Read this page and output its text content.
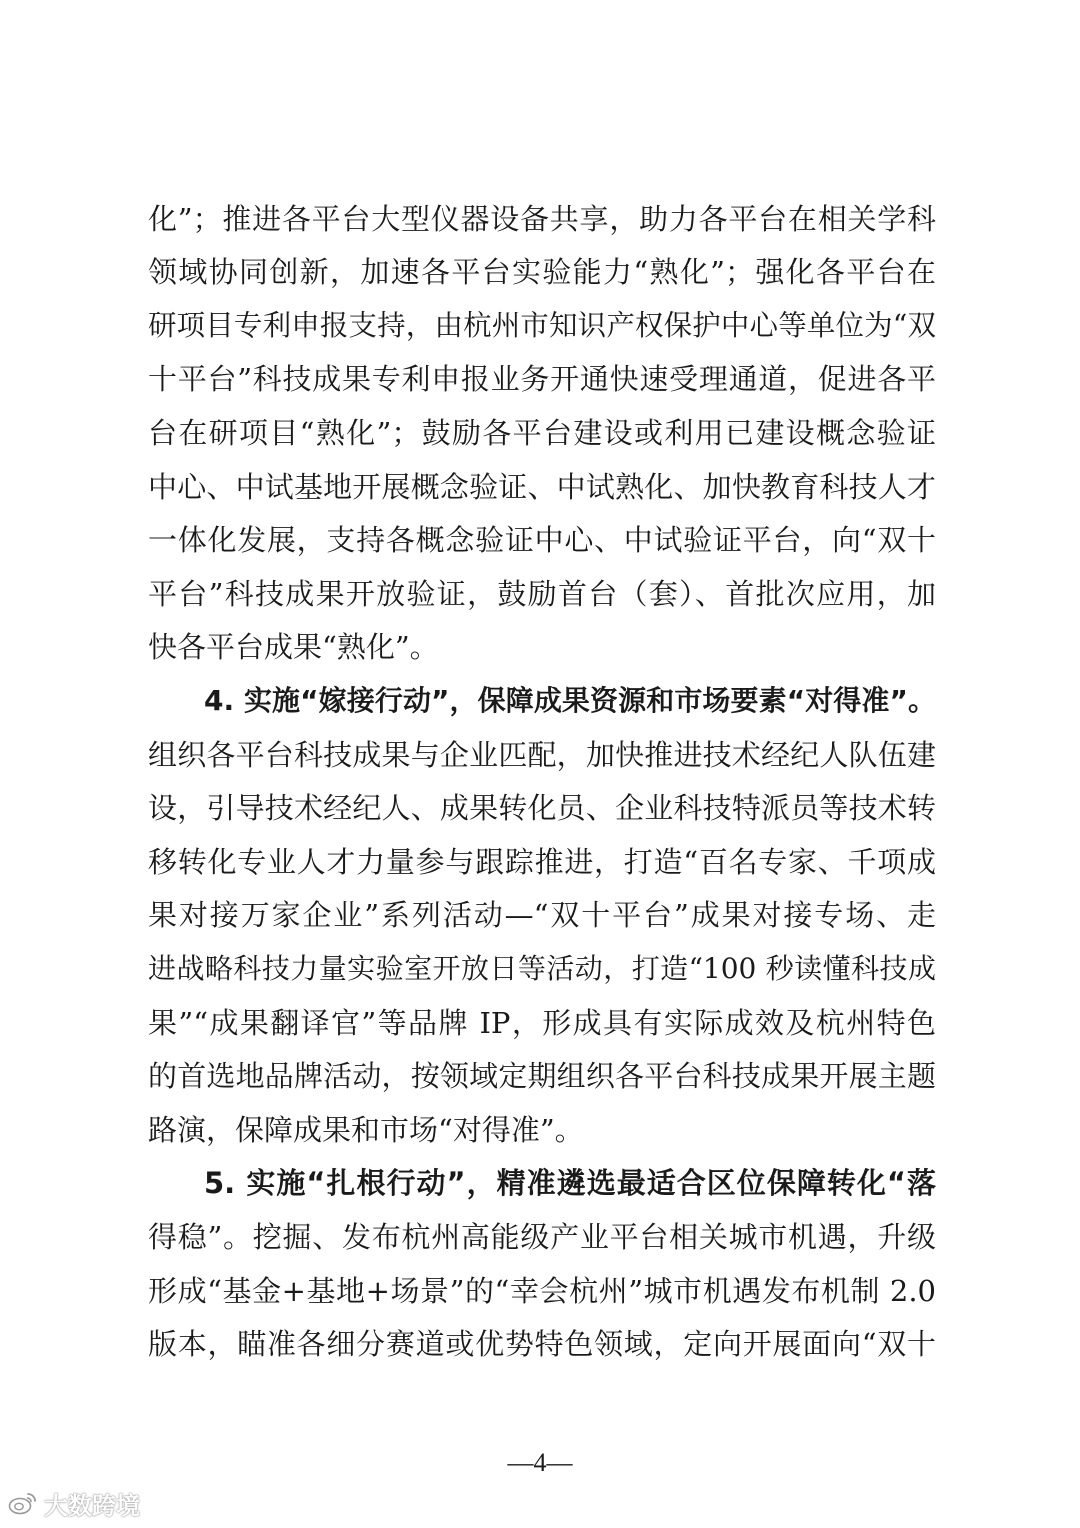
化”；推进各平台大型仪器设备共享，助力各平台在相关学科
领域协同创新，加速各平台实验能力“熟化”；强化各平台在
研项目专利申报支持，由杭州市知识产权保护中心等单位为“双
十平台”科技成果专利申报业务开通快速受理通道，促进各平
台在研项目“熟化”；鼓励各平台建设或利用已建设概念验证
中心、中试基地开展概念验证、中试熟化、加快教育科技人才
一体化发展，支持各概念验证中心、中试验证平台，向“双十
平台”科技成果开放验证，鼓励首台（套）、首批次应用，加
快各平台成果“熟化”。
4. 实施“嫁接行动”，保障成果资源和市场要素“对得准”。
组织各平台科技成果与企业匹配，加快推进技术经纪人队伍建
设，引导技术经纪人、成果转化员、企业科技特派员等技术转
移转化专业人才力量参与跟踪推进，打造“百名专家、千项成
果对接万家企业”系列活动—“双十平台”成果对接专场、走
进战略科技力量实验室开放日等活动，打造“100 秒读懂科技成
果”“成果翻译官”等品牌 IP，形成具有实际成效及杭州特色
的首选地品牌活动，按领域定期组织各平台科技成果开展主题
路演，保障成果和市场“对得准”。
5. 实施“扎根行动”，精准遴选最适合区位保障转化“落
得稳”。挖掘、发布杭州高能级产业平台相关城市机遇，升级
形成“基金+基地+场景”的“幸会杭州”城市机遇发布机制 2.0
版本，瞄准各细分赛道或优势特色领域，定向开展面向“双十
—4—
大数跨境
